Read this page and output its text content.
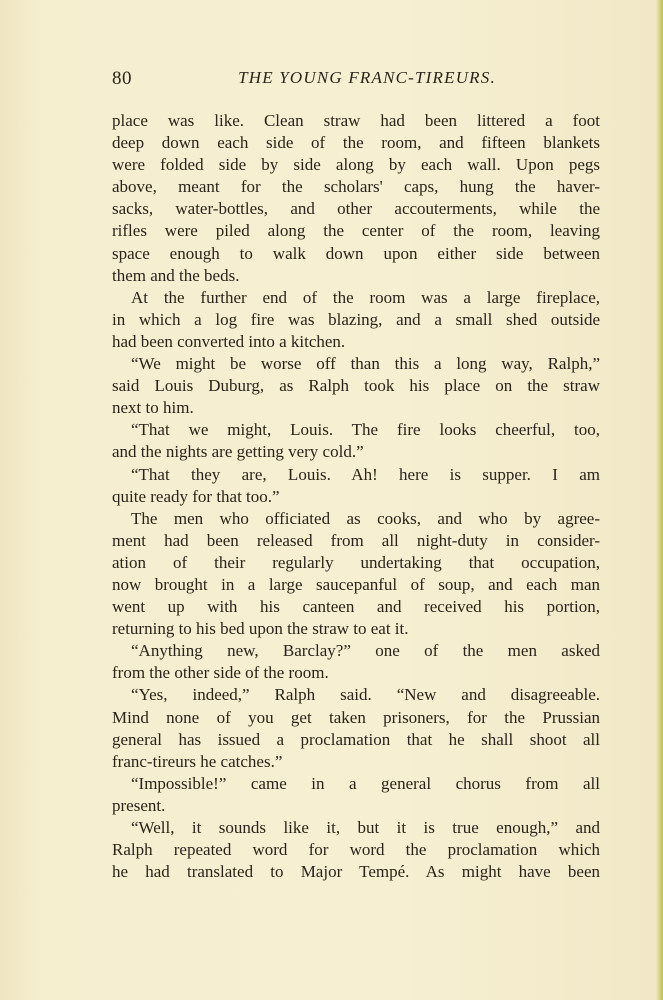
80	THE YOUNG FRANC-TIREURS.
place was like. Clean straw had been littered a foot
deep down each side of the room, and fifteen blankets
were folded side by side along by each wall. Upon pegs
above, meant for the scholars' caps, hung the haver-
sacks, water-bottles, and other accouterments, while the
rifles were piled along the center of the room, leaving
space enough to walk down upon either side between
them and the beds.
At the further end of the room was a large fireplace,
in which a log fire was blazing, and a small shed outside
had been converted into a kitchen.
“We might be worse off than this a long way, Ralph,”
said Louis Duburg, as Ralph took his place on the straw
next to him.
“That we might, Louis. The fire looks cheerful, too,
and the nights are getting very cold.”
“That they are, Louis. Ah! here is supper. I am
quite ready for that too.”
The men who officiated as cooks, and who by agree-
ment had been released from all night-duty in consider-
ation of their regularly undertaking that occupation,
now brought in a large saucepanful of soup, and each man
went up with his canteen and received his portion,
returning to his bed upon the straw to eat it.
“Anything new, Barclay?” one of the men asked
from the other side of the room.
“Yes, indeed,” Ralph said. “New and disagreeable.
Mind none of you get taken prisoners, for the Prussian
general has issued a proclamation that he shall shoot all
franc-tireurs he catches.”
“Impossible!” came in a general chorus from all
present.
“Well, it sounds like it, but it is true enough,” and
Ralph repeated word for word the proclamation which
he had translated to Major Tempé. As might have been
